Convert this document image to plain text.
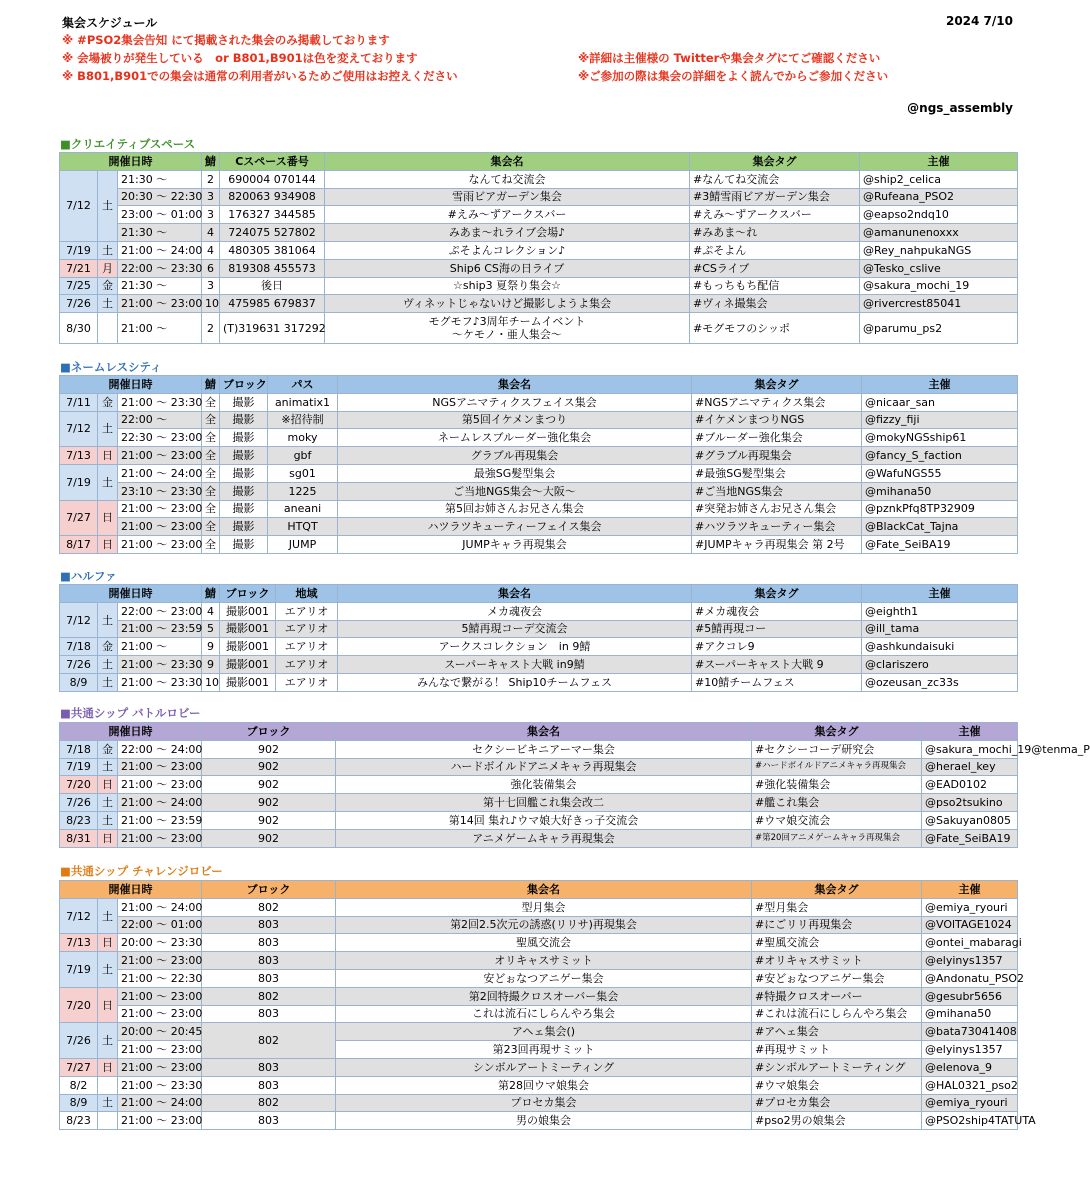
集会スケジュール	2024 7/10
※ #PSO2集会告知 にて掲載された集会のみ掲載しております
※ 会場被りが発生している　or B801,B901は色を変えております
※ B801,B901での集会は通常の利用者がいるためご使用はお控えください
※詳細は主催様の Twitterや集会タグにてご確認ください
※ご参加の際は集会の詳細をよく読んでからご参加ください
@ngs_assembly
■クリエイティブスペース
開催日時			鯖	Cスペース番号	集会名	集会タグ	主催
7/12	土	21:30 ～	2	690004 070144	なんてね交流会	#なんてね交流会	@ship2_celica
		20:30 ～ 22:30	3	820063 934908	雪雨ビアガーデン集会	#3鯖雪雨ビアガーデン集会	@Rufeana_PSO2
		23:00 ～ 01:00	3	176327 344585	#えみ～ずアークスバー	#えみ～ずアークスバー	@eapso2ndq10
		21:30 ～	4	724075 527802	みあま～れライブ会場♪	#みあま～れ	@amanunenoxxx
7/19	土	21:00 ～ 24:00	4	480305 381064	ぷそよんコレクション♪	#ぷそよん	@Rey_nahpukaNGS
7/21	月	22:00 ～ 23:30	6	819308 455573	Ship6 CS海の日ライブ	#CSライブ	@Tesko_cslive
7/25	金	21:30 ～	3	後日	☆ship3 夏祭り集会☆	#もっちもち配信	@sakura_mochi_19
7/26	土	21:00 ～ 23:00	10	475985 679837	ヴィネットじゃないけど撮影しようよ集会	#ヴィネ撮集会	@rivercrest85041
8/30		21:00 ～	2	(T)319631 317292	モグモフ♪3周年チームイベント
～ケモノ・亜人集会～	#モグモフのシッポ	@parumu_ps2
■ネームレスシティ
開催日時			鯖	ブロック	パス	集会名	集会タグ	主催
7/11	金	21:00 ～ 23:30	全	撮影	animatix1	NGSアニマティクスフェイス集会	#NGSアニマティクス集会	@nicaar_san
7/12	土	22:00 ～	全	撮影	※招待制	第5回イケメンまつり	#イケメンまつりNGS	@fizzy_fiji
		22:30 ～ 23:00	全	撮影	moky	ネームレスブルーダー強化集会	#ブルーダー強化集会	@mokyNGSship61
7/13	日	21:00 ～ 23:00	全	撮影	gbf	グラブル再現集会	#グラブル再現集会	@fancy_S_faction
7/19	土	21:00 ～ 24:00	全	撮影	sg01	最強SG髪型集会	#最強SG髪型集会	@WafuNGS55
		23:10 ～ 23:30	全	撮影	1225	ご当地NGS集会～大阪～	#ご当地NGS集会	@mihana50
7/27	日	21:00 ～ 23:00	全	撮影	aneani	第5回お姉さんお兄さん集会	#突発お姉さんお兄さん集会	@pznkPfq8TP32909
		21:00 ～ 23:00	全	撮影	HTQT	ハツラツキューティーフェイス集会	#ハツラツキューティー集会	@BlackCat_Tajna
8/17	日	21:00 ～ 23:00	全	撮影	JUMP	JUMPキャラ再現集会	#JUMPキャラ再現集会 第 2号	@Fate_SeiBA19
■ハルファ
開催日時			鯖	ブロック	地域	集会名	集会タグ	主催
7/12	土	22:00 ～ 23:00	4	撮影001	エアリオ	メカ魂夜会	#メカ魂夜会	@eighth1
		21:00 ～ 23:59	5	撮影001	エアリオ	5鯖再現コーデ交流会	#5鯖再現コー	@ill_tama
7/18	金	21:00 ～	9	撮影001	エアリオ	アークスコレクション　in 9鯖	#アクコレ9	@ashkundaisuki
7/26	土	21:00 ～ 23:30	9	撮影001	エアリオ	スーパーキャスト大戦 in9鯖	#スーパーキャスト大戦 9	@clariszero
8/9	土	21:00 ～ 23:30	10	撮影001	エアリオ	みんなで繋がる！ Ship10チームフェス	#10鯖チームフェス	@ozeusan_zc33s
■共通シップ バトルロビー
開催日時			ブロック	集会名	集会タグ	主催
7/18	金	22:00 ～ 24:00	902	セクシービキニアーマー集会	#セクシーコーデ研究会	@sakura_mochi_19@tenma_P
7/19	土	21:00 ～ 23:00	902	ハードボイルドアニメキャラ再現集会	#ハードボイルドアニメキャラ再現集会	@herael_key
7/20	日	21:00 ～ 23:00	902	強化装備集会	#強化装備集会	@EAD0102
7/26	土	21:00 ～ 24:00	902	第十七回艦これ集会改二	#艦これ集会	@pso2tsukino
8/23	土	21:00 ～ 23:59	902	第14回 集れ♪ウマ娘大好きっ子交流会	#ウマ娘交流会	@Sakuyan0805
8/31	日	21:00 ～ 23:00	902	アニメゲームキャラ再現集会	#第20回アニメゲームキャラ再現集会	@Fate_SeiBA19
■共通シップ チャレンジロビー
開催日時			ブロック	集会名	集会タグ	主催
7/12	土	21:00 ～ 24:00	802	型月集会	#型月集会	@emiya_ryouri
		22:00 ～ 01:00	803	第2回2.5次元の誘惑(リリサ)再現集会	#にごリリ再現集会	@VOlTAGE1024
7/13	日	20:00 ～ 23:30	803	聖風交流会	#聖風交流会	@ontei_mabaragi
7/19	土	21:00 ～ 23:00	803	オリキャスサミット	#オリキャスサミット	@elyinys1357
		21:00 ～ 22:30	803	安どぉなつアニゲー集会	#安どぉなつアニゲー集会	@Andonatu_PSO2
7/20	日	21:00 ～ 23:00	802	第2回特撮クロスオーバー集会	#特撮クロスオーバー	@gesubr5656
		21:00 ～ 23:00	803	これは流石にしらんやろ集会	#これは流石にしらんやろ集会	@mihana50
7/26	土	20:00 ～ 20:45	802	アヘェ集会()	#アヘェ集会	@bata73041408
		21:00 ～ 23:00		第23回再現サミット	#再現サミット	@elyinys1357
7/27	日	21:00 ～ 23:00	803	シンボルアートミーティング	#シンボルアートミーティング	@elenova_9
8/2		21:00 ～ 23:30	803	第28回ウマ娘集会	#ウマ娘集会	@HAL0321_pso2
8/9	土	21:00 ～ 24:00	802	プロセカ集会	#プロセカ集会	@emiya_ryouri
8/23		21:00 ～ 23:00	803	男の娘集会	#pso2男の娘集会	@PSO2ship4TATUTA
